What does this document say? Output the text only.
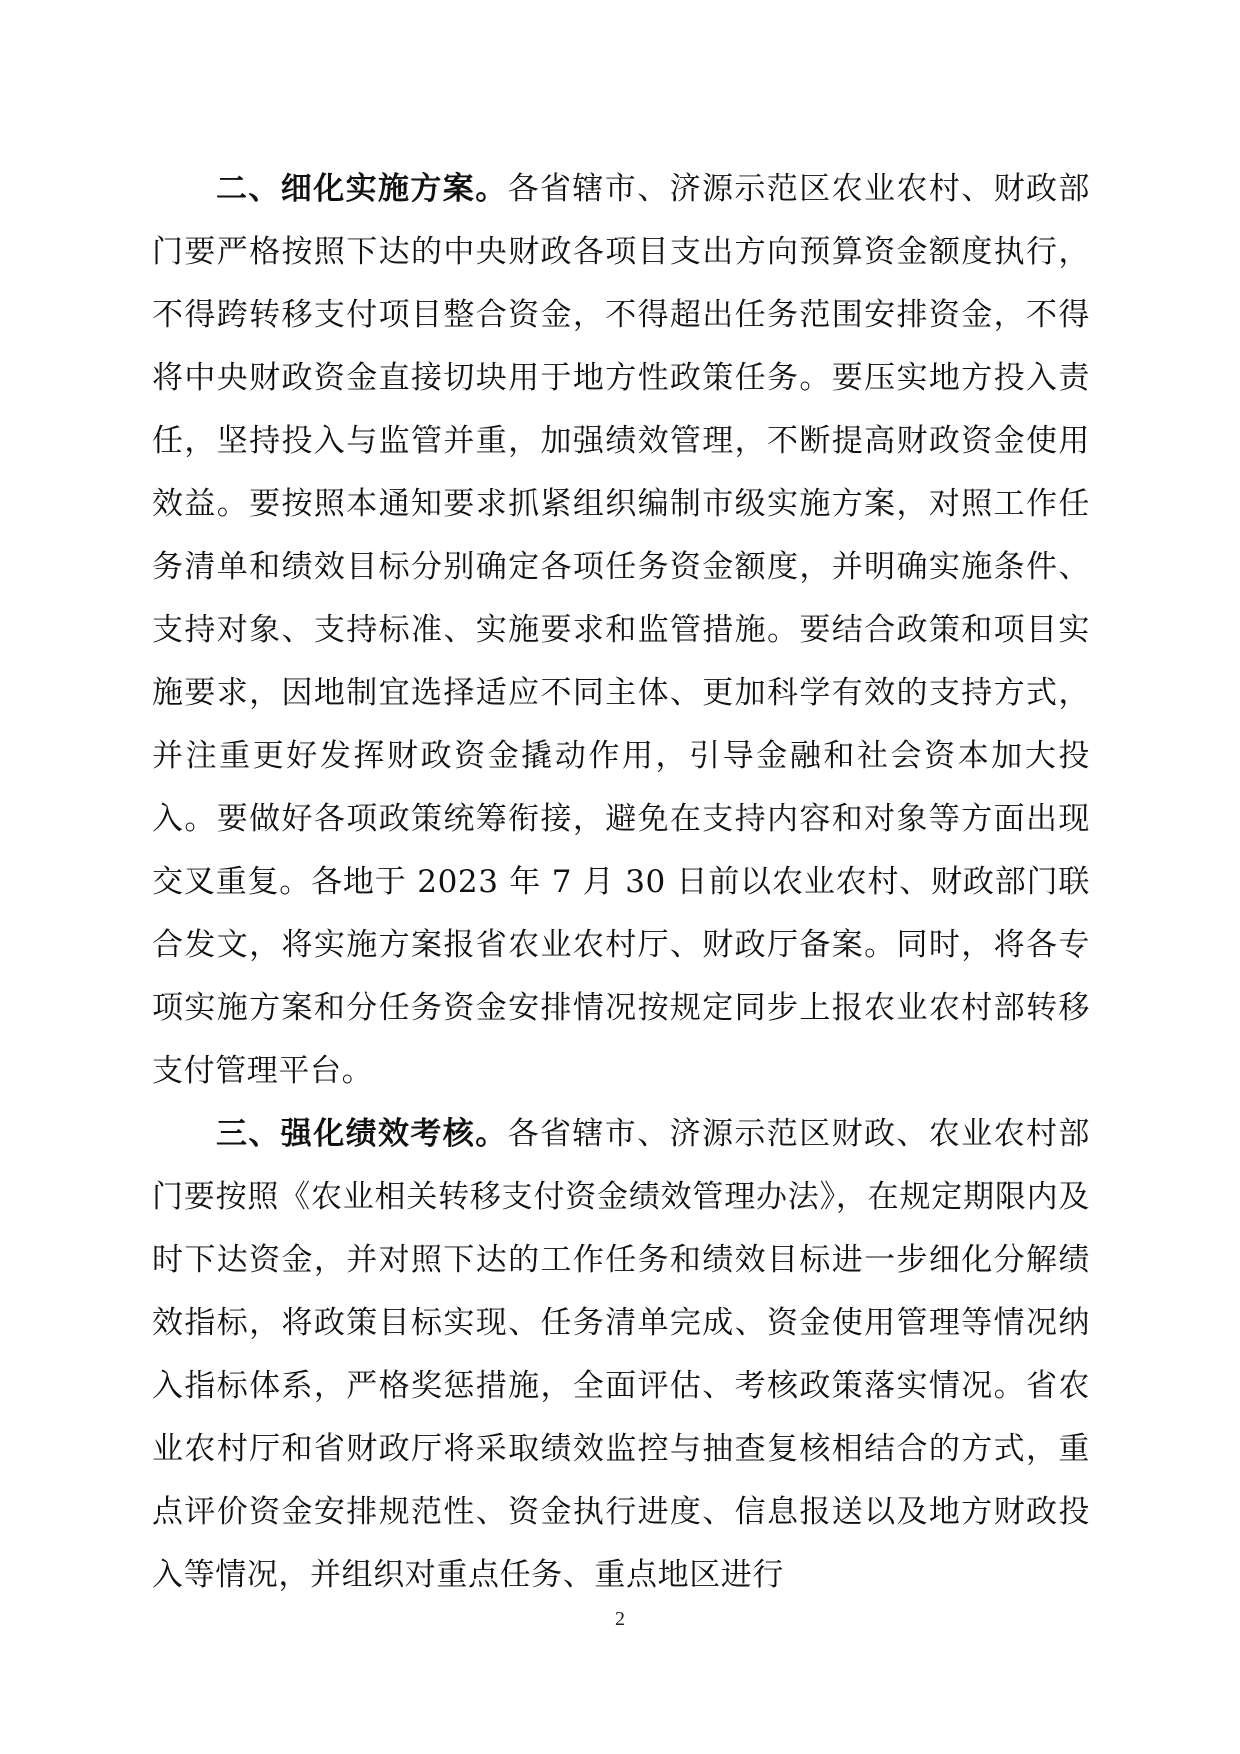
二、细化实施方案。各省辖市、济源示范区农业农村、财政部门要严格按照下达的中央财政各项目支出方向预算资金额度执行，不得跨转移支付项目整合资金，不得超出任务范围安排资金，不得将中央财政资金直接切块用于地方性政策任务。要压实地方投入责任，坚持投入与监管并重，加强绩效管理，不断提高财政资金使用效益。要按照本通知要求抓紧组织编制市级实施方案，对照工作任务清单和绩效目标分别确定各项任务资金额度，并明确实施条件、支持对象、支持标准、实施要求和监管措施。要结合政策和项目实施要求，因地制宜选择适应不同主体、更加科学有效的支持方式，并注重更好发挥财政资金撬动作用，引导金融和社会资本加大投入。要做好各项政策统筹衔接，避免在支持内容和对象等方面出现交叉重复。各地于 2023 年 7 月 30 日前以农业农村、财政部门联合发文，将实施方案报省农业农村厅、财政厅备案。同时，将各专项实施方案和分任务资金安排情况按规定同步上报农业农村部转移支付管理平台。

三、强化绩效考核。各省辖市、济源示范区财政、农业农村部门要按照《农业相关转移支付资金绩效管理办法》，在规定期限内及时下达资金，并对照下达的工作任务和绩效目标进一步细化分解绩效指标，将政策目标实现、任务清单完成、资金使用管理等情况纳入指标体系，严格奖惩措施，全面评估、考核政策落实情况。省农业农村厅和省财政厅将采取绩效监控与抽查复核相结合的方式，重点评价资金安排规范性、资金执行进度、信息报送以及地方财政投入等情况，并组织对重点任务、重点地区进行

2
